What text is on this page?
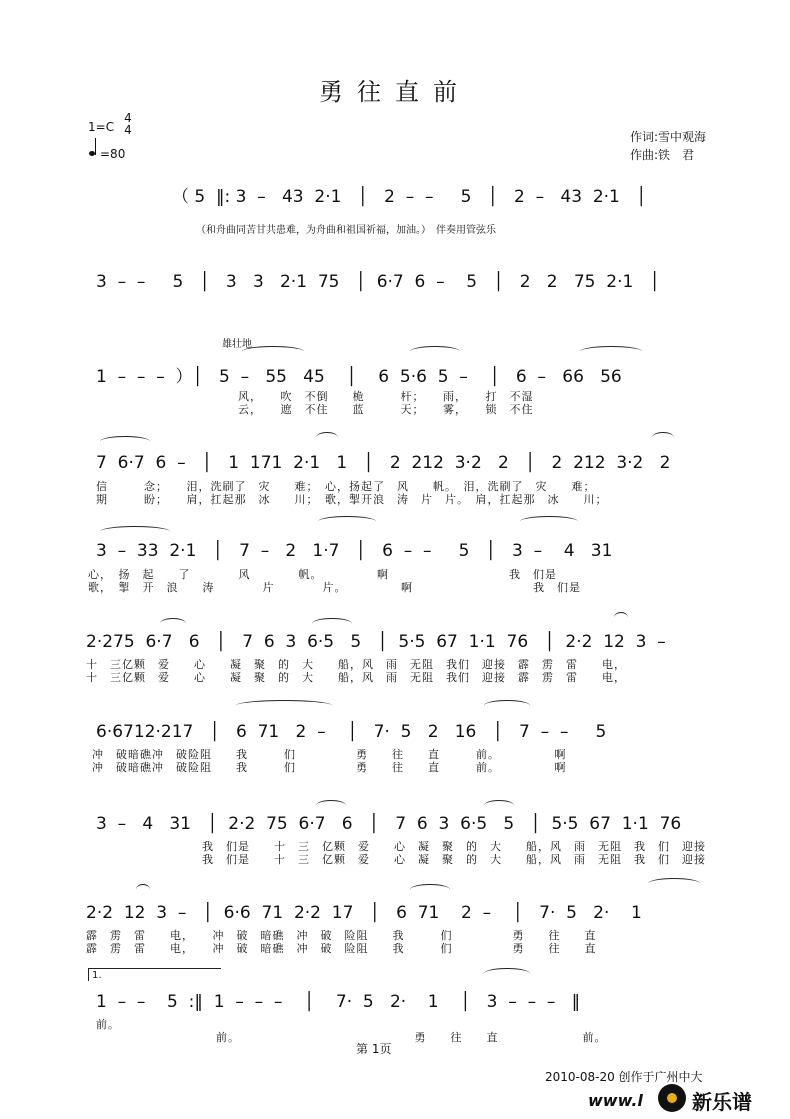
勇往直前
1=C
4
4
=80
作词:雪中观海
作曲:铁　君
（ 5  ‖: 3  –   43  2·1   │   2  –  –     5   │   2  –   43  2·1   │
（和舟曲同苦甘共患难，为舟曲和祖国祈福，加油。）　伴奏用管弦乐
3  –  –     5   │   3   3   2·1  75   │  6·7  6  –    5   │   2   2   75  2·1   │
雄壮地
1  –  –  –  ）│   5  –   55   45    │    6  5·6  5  –    │   6  –   66   56
风，　　吹　不倒　　桅　　　杆；　　雨，　　打　不湿
云，　　遮　不住　　蓝　　　天；　　雾，　　锁　不住
7  6·7  6  –   │   1  171  2·1   1   │   2  212  3·2   2   │   2  212  3·2   2
信　　　念；　　泪，洗刷了　灾　　难；　心，扬起了　风　　帆。　泪，洗刷了　灾　　难；
期　　　盼；　　肩，扛起那　冰　　川；　歌，掣开浪　涛　片　片。　肩，扛起那　冰　　川；
3  –  33  2·1   │   7  –   2   1·7   │   6  –  –     5   │   3  –    4   31
心，　扬　起　　了　　　　风　　　　帆。　　　　　啊　　　　　　　　　　我　们是
歌，　掣　开　浪　　涛　　　　片　　　　片。　　　　　啊　　　　　　　　　　我　们是
2·275  6·7   6   │   7  6  3  6·5   5   │  5·5  67  1·1  76   │  2·2  12  3  –
十　三亿颗　爱　　心　　凝　聚　的　大　　船，风　雨　无阻　我们　迎接　霹　雳　雷　　电，
十　三亿颗　爱　　心　　凝　聚　的　大　　船，风　雨　无阻　我们　迎接　霹　雳　雷　　电，
6·6712·217   │   6  71   2  –    │   7·  5   2   16   │   7  –  –     5
冲　破暗礁冲　破险阻　　我　　　们　　　　　勇　　往　　直　　　前。　　　　　啊
冲　破暗礁冲　破险阻　　我　　　们　　　　　勇　　往　　直　　　前。　　　　　啊
3  –   4   31   │  2·2  75  6·7   6   │   7  6  3  6·5   5   │  5·5  67  1·1  76
　　　　我　们是　　十　三　亿颗　爱　　心　凝　聚　的　大　　船，风　雨　无阻　我　们　迎接
　　　　我　们是　　十　三　亿颗　爱　　心　凝　聚　的　大　　船，风　雨　无阻　我　们　迎接
2·2  12  3  –   │  6·6  71  2·2  17   │   6  71    2  –    │   7·  5   2·    1
霹　雳　雷　　电，　　冲　破　暗礁　冲　破　险阻　　我　　　们　　　　　勇　　往　　直
霹　雳　雷　　电，　　冲　破　暗礁　冲　破　险阻　　我　　　们　　　　　勇　　往　　直
1.
1  –  –    5  :‖  1  –  –  –    │    7·  5   2·    1    │   3  –  –  –   ‖
前。
　　　　　　　　　　前。　　　　　　　　　　　　　　　勇　　往　　直　　　　　　　前。
第 1页
2010-08-20 创作于广州中大
www.l 新乐谱
